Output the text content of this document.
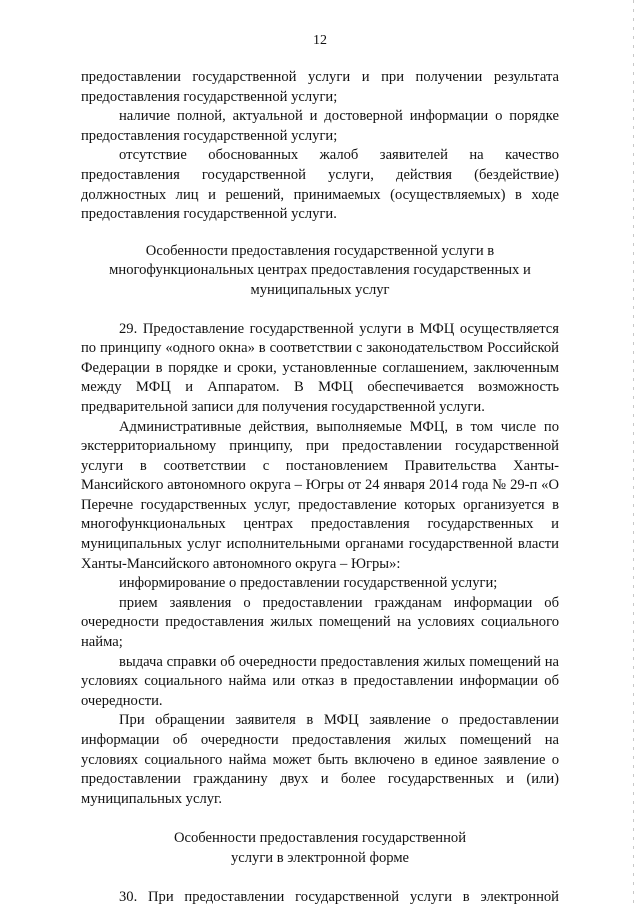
12

предоставлении государственной услуги и при получении результата предоставления государственной услуги;

наличие полной, актуальной и достоверной информации о порядке предоставления государственной услуги;

отсутствие обоснованных жалоб заявителей на качество предоставления государственной услуги, действия (бездействие) должностных лиц и решений, принимаемых (осуществляемых) в ходе предоставления государственной услуги.

Особенности предоставления государственной услуги в многофункциональных центрах предоставления государственных и муниципальных услуг

29. Предоставление государственной услуги в МФЦ осуществляется по принципу «одного окна» в соответствии с законодательством Российской Федерации в порядке и сроки, установленные соглашением, заключенным между МФЦ и Аппаратом. В МФЦ обеспечивается возможность предварительной записи для получения государственной услуги.

Административные действия, выполняемые МФЦ, в том числе по экстерриториальному принципу, при предоставлении государственной услуги в соответствии с постановлением Правительства Ханты-Мансийского автономного округа – Югры от 24 января 2014 года № 29-п «О Перечне государственных услуг, предоставление которых организуется в многофункциональных центрах предоставления государственных и муниципальных услуг исполнительными органами государственной власти Ханты-Мансийского автономного округа – Югры»:

информирование о предоставлении государственной услуги;

прием заявления о предоставлении гражданам информации об очередности предоставления жилых помещений на условиях социального найма;

выдача справки об очередности предоставления жилых помещений на условиях социального найма или отказ в предоставлении информации об очередности.

При обращении заявителя в МФЦ заявление о предоставлении информации об очередности предоставления жилых помещений на условиях социального найма может быть включено в единое заявление о предоставлении гражданину двух и более государственных и (или) муниципальных услуг.

Особенности предоставления государственной услуги в электронной форме

30. При предоставлении государственной услуги в электронной
